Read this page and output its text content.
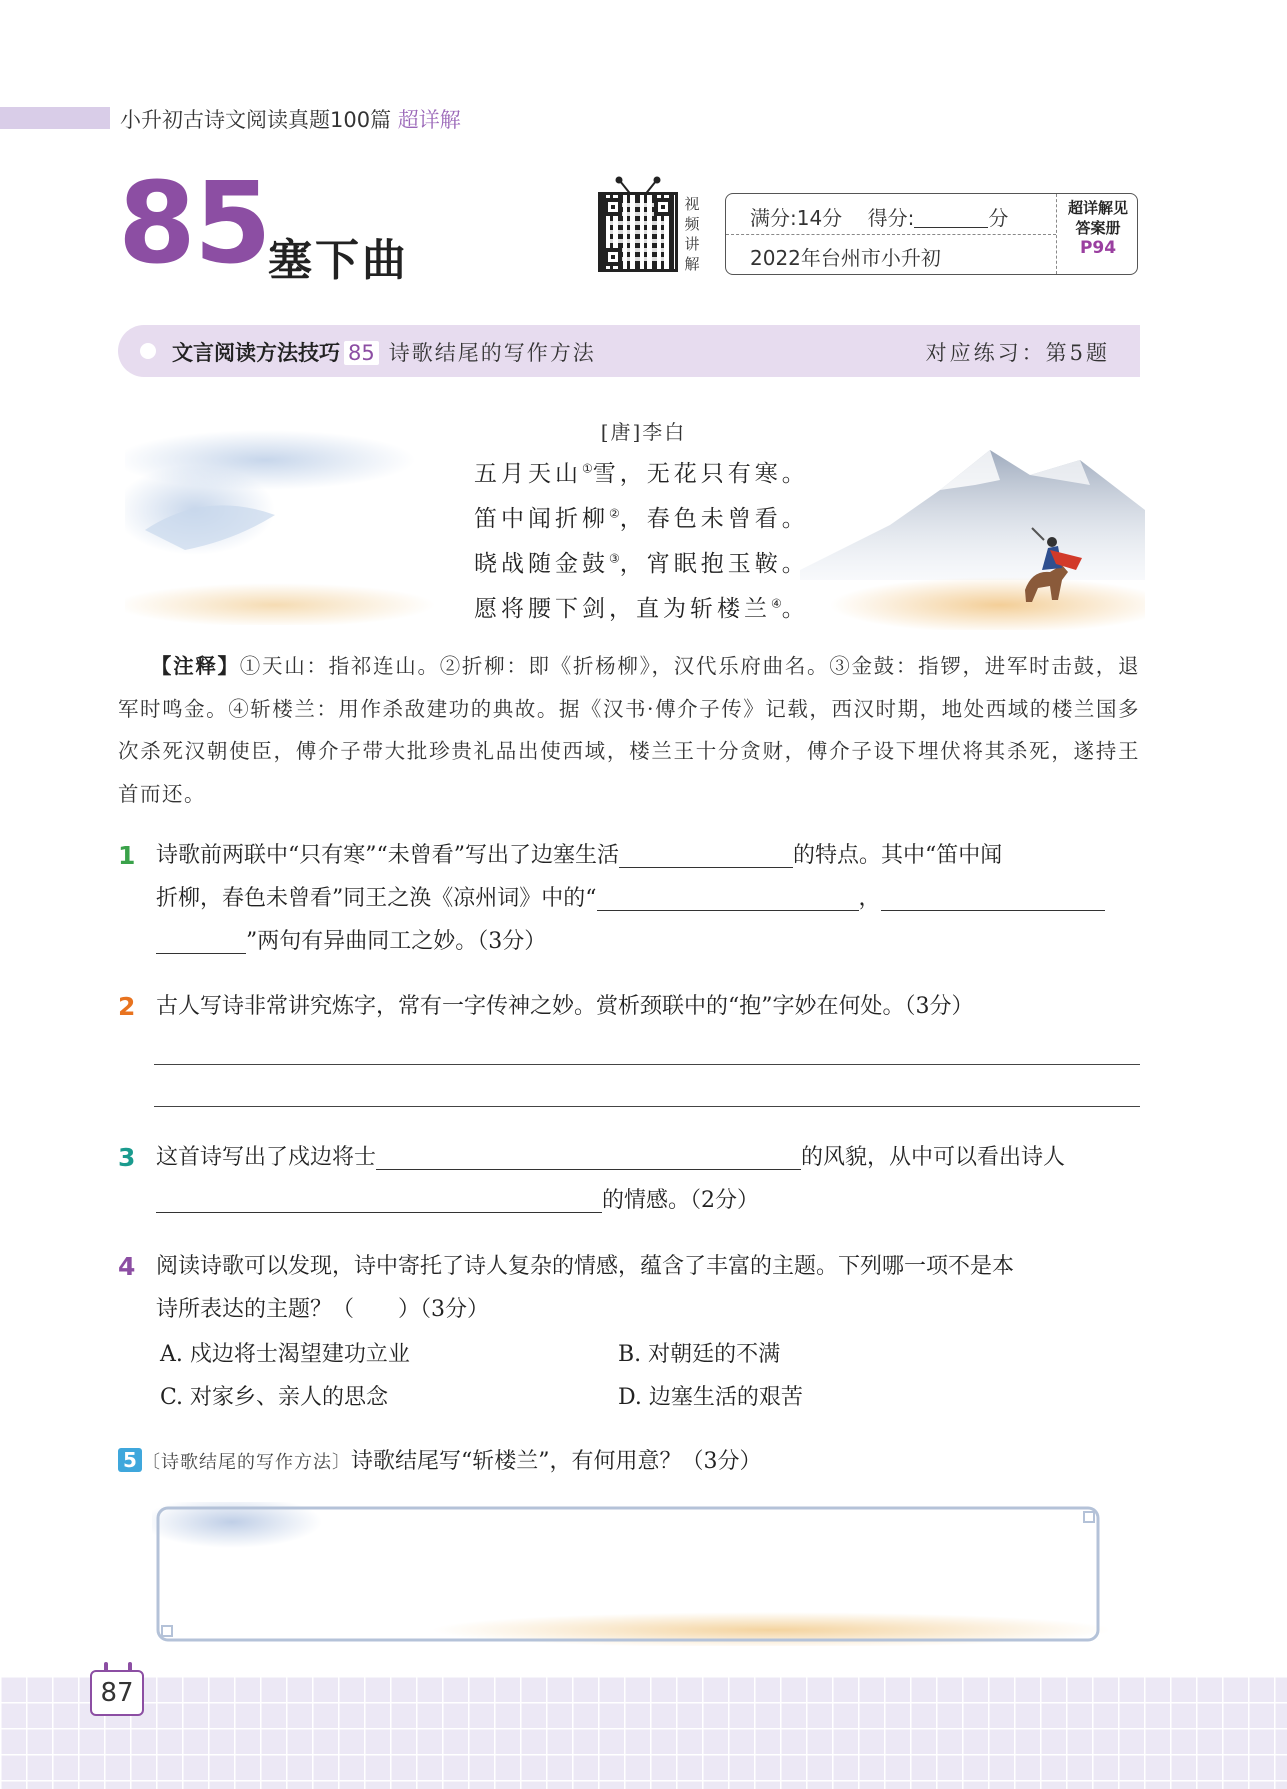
小升初古诗文阅读真题100篇 超详解
85
塞下曲
视
频
讲
解
满分:14分 得分:	分
2022年台州市小升初
超详解见
答案册
P94
文言阅读方法技巧 85 诗歌结尾的写作方法	对应练习：第5题
[唐]李白
五月天山①雪，无花只有寒。
笛中闻折柳②，春色未曾看。
晓战随金鼓③，宵眠抱玉鞍。
愿将腰下剑，直为斩楼兰④。
【注释】①天山：指祁连山。②折柳：即《折杨柳》，汉代乐府曲名。③金鼓：指锣，进军时击鼓，退军时鸣金。④斩楼兰：用作杀敌建功的典故。据《汉书·傅介子传》记载，西汉时期，地处西域的楼兰国多次杀死汉朝使臣，傅介子带大批珍贵礼品出使西域，楼兰王十分贪财，傅介子设下埋伏将其杀死，遂持王首而还。
1 诗歌前两联中“只有寒”“未曾看”写出了边塞生活	的特点。其中“笛中闻
折柳，春色未曾看”同王之涣《凉州词》中的“	，
”两句有异曲同工之妙。（3分）
2 古人写诗非常讲究炼字，常有一字传神之妙。赏析颈联中的“抱”字妙在何处。（3分）
3 这首诗写出了戍边将士	的风貌，从中可以看出诗人
的情感。（2分）
4 阅读诗歌可以发现，诗中寄托了诗人复杂的情感，蕴含了丰富的主题。下列哪一项不是本
诗所表达的主题？（　　）（3分）
A. 戍边将士渴望建功立业	B. 对朝廷的不满
C. 对家乡、亲人的思念	D. 边塞生活的艰苦
5 〔诗歌结尾的写作方法〕诗歌结尾写“斩楼兰”，有何用意？（3分）
87
